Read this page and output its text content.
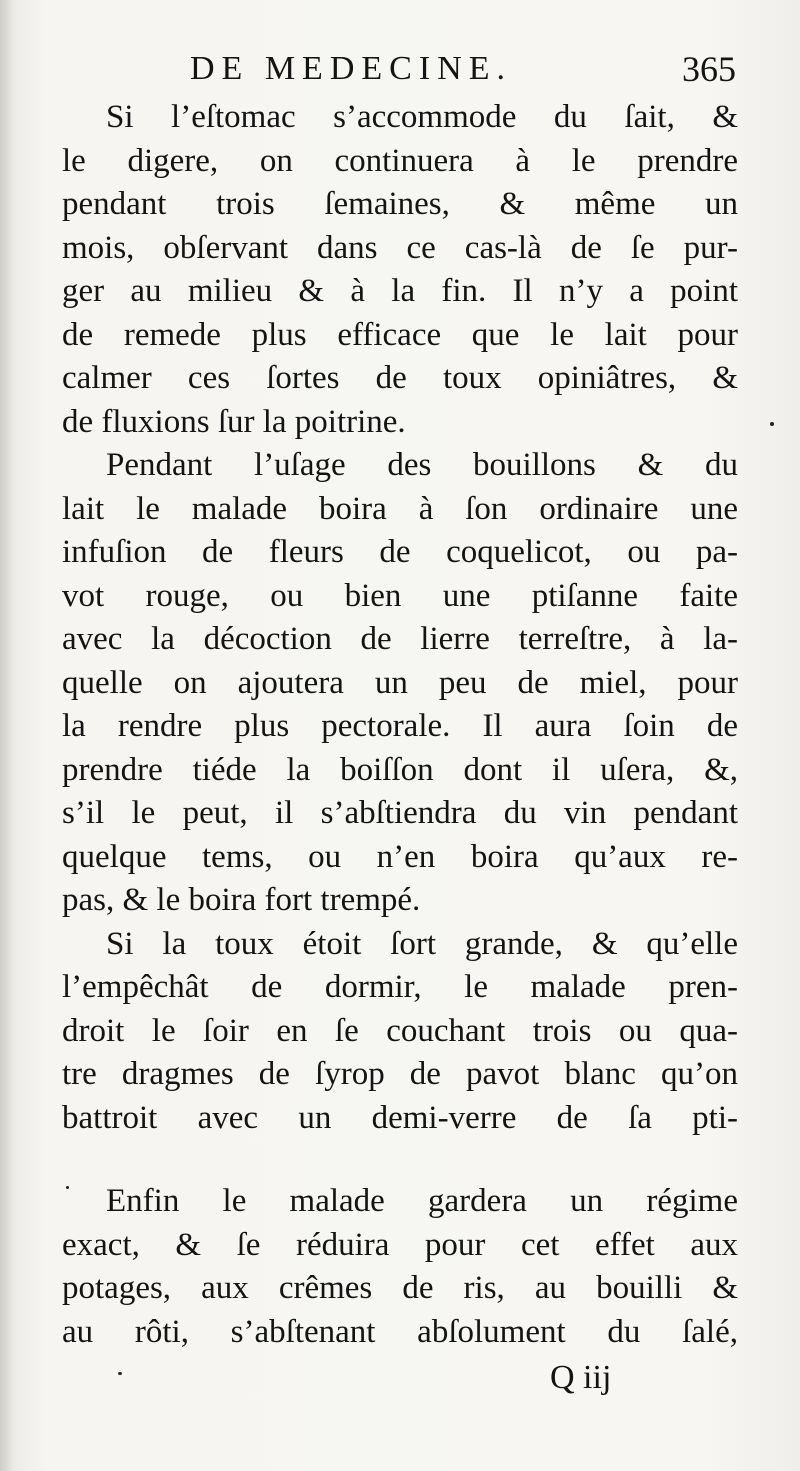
DE MEDECINE.	365
Si l’eſtomac s’accommode du ſait, &
le digere, on continuera à le prendre
pendant trois ſemaines, & même un
mois, obſervant dans ce cas-là de ſe pur-
ger au milieu & à la fin. Il n’y a point
de remede plus efficace que le lait pour
calmer ces ſortes de toux opiniâtres, &
de fluxions ſur la poitrine.
Pendant l’uſage des bouillons & du
lait le malade boira à ſon ordinaire une
infuſion de fleurs de coquelicot, ou pa-
vot rouge, ou bien une ptiſanne faite
avec la décoction de lierre terreſtre, à la-
quelle on ajoutera un peu de miel, pour
la rendre plus pectorale. Il aura ſoin de
prendre tiéde la boiſſon dont il uſera, &,
s’il le peut, il s’abſtiendra du vin pendant
quelque tems, ou n’en boira qu’aux re-
pas, & le boira fort trempé.
Si la toux étoit ſort grande, & qu’elle
l’empêchât de dormir, le malade pren-
droit le ſoir en ſe couchant trois ou qua-
tre dragmes de ſyrop de pavot blanc qu’on
battroit avec un demi-verre de ſa pti-
Enfin le malade gardera un régime
exact, & ſe réduira pour cet effet aux
potages, aux crêmes de ris, au bouilli &
au rôti, s’abſtenant abſolument du ſalé,
Q iij
